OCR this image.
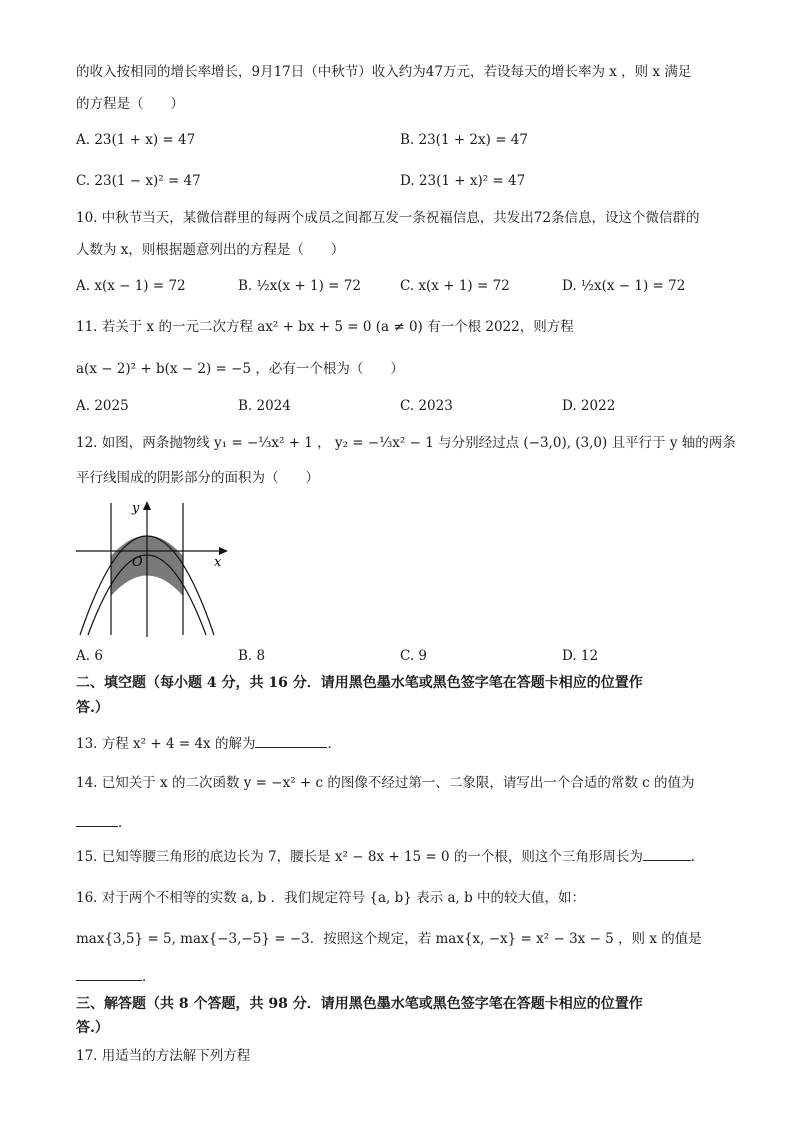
的收入按相同的增长率增长，9月17日（中秋节）收入约为47万元，若设每天的增长率为 x ，则 x 满足
的方程是（　　）
A. 23(1 + x) = 47	B. 23(1 + 2x) = 47
C. 23(1 − x)² = 47	D. 23(1 + x)² = 47
10. 中秋节当天，某微信群里的每两个成员之间都互发一条祝福信息，共发出72条信息，设这个微信群的
人数为 x，则根据题意列出的方程是（　　）
A. x(x − 1) = 72	B. ½x(x + 1) = 72	C. x(x + 1) = 72	D. ½x(x − 1) = 72
11. 若关于 x 的一元二次方程 ax² + bx + 5 = 0 (a ≠ 0) 有一个根 2022，则方程
a(x − 2)² + b(x − 2) = −5 ，必有一个根为（　　）
A. 2025	B. 2024	C. 2023	D. 2022
12. 如图，两条抛物线 y₁ = −⅓x² + 1 ， y₂ = −⅓x² − 1 与分别经过点 (−3,0), (3,0) 且平行于 y 轴的两条
平行线围成的阴影部分的面积为（　　）
y
x
O
A. 6	B. 8	C. 9	D. 12
二、填空题（每小题 4 分，共 16 分．请用黑色墨水笔或黑色签字笔在答题卡相应的位置作
答.）
13. 方程 x² + 4 = 4x 的解为	．
14. 已知关于 x 的二次函数 y = −x² + c 的图像不经过第一、二象限，请写出一个合适的常数 c 的值为
．
15. 已知等腰三角形的底边长为 7，腰长是 x² − 8x + 15 = 0 的一个根，则这个三角形周长为	．
16. 对于两个不相等的实数 a, b ．我们规定符号 {a, b} 表示 a, b 中的较大值，如：
max{3,5} = 5, max{−3,−5} = −3．按照这个规定，若 max{x, −x} = x² − 3x − 5 ，则 x 的值是
．
三、解答题（共 8 个答题，共 98 分．请用黑色墨水笔或黑色签字笔在答题卡相应的位置作
答.）
17. 用适当的方法解下列方程
